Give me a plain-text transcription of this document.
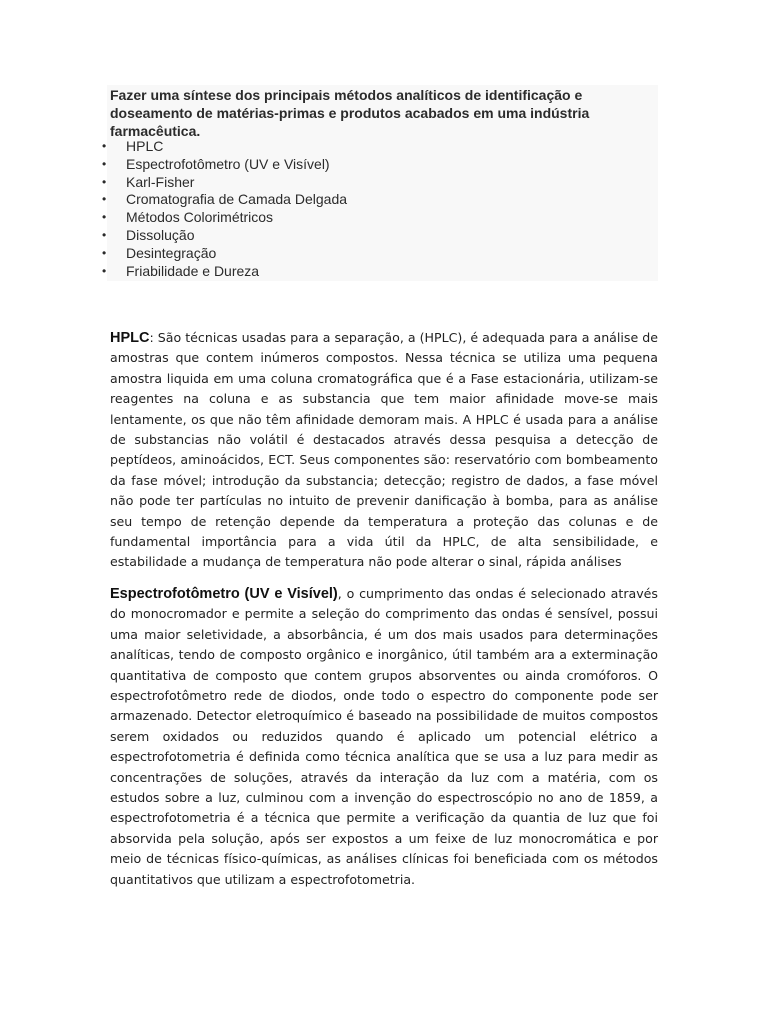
Fazer uma síntese dos principais métodos analíticos de identificação e doseamento de matérias-primas e produtos acabados em uma indústria farmacêutica.

• HPLC
• Espectrofotômetro (UV e Visível)
• Karl-Fisher
• Cromatografia de Camada Delgada
• Métodos Colorimétricos
• Dissolução
• Desintegração
• Friabilidade e Dureza

HPLC: São técnicas usadas para a separação, a (HPLC), é adequada para a análise de amostras que contem inúmeros compostos. Nessa técnica se utiliza uma pequena amostra liquida em uma coluna cromatográfica que é a Fase estacionária, utilizam-se reagentes na coluna e as substancia que tem maior afinidade move-se mais lentamente, os que não têm afinidade demoram mais. A HPLC é usada para a análise de substancias não volátil é destacados através dessa pesquisa a detecção de peptídeos, aminoácidos, ECT. Seus componentes são: reservatório com bombeamento da fase móvel; introdução da substancia; detecção; registro de dados, a fase móvel não pode ter partículas no intuito de prevenir danificação à bomba, para as análise seu tempo de retenção depende da temperatura a proteção das colunas e de fundamental importância para a vida útil da HPLC, de alta sensibilidade, e estabilidade a mudança de temperatura não pode alterar o sinal, rápida análises

Espectrofotômetro (UV e Visível), o cumprimento das ondas é selecionado através do monocromador e permite a seleção do comprimento das ondas é sensível, possui uma maior seletividade, a absorbância, é um dos mais usados para determinações analíticas, tendo de composto orgânico e inorgânico, útil também ara a exterminação quantitativa de composto que contem grupos absorventes ou ainda cromóforos. O espectrofotômetro rede de diodos, onde todo o espectro do componente pode ser armazenado. Detector eletroquímico é baseado na possibilidade de muitos compostos serem oxidados ou reduzidos quando é aplicado um potencial elétrico a espectrofotometria é definida como técnica analítica que se usa a luz para medir as concentrações de soluções, através da interação da luz com a matéria, com os estudos sobre a luz, culminou com a invenção do espectroscópio no ano de 1859, a espectrofotometria é a técnica que permite a verificação da quantia de luz que foi absorvida pela solução, após ser expostos a um feixe de luz monocromática e por meio de técnicas físico-químicas, as análises clínicas foi beneficiada com os métodos quantitativos que utilizam a espectrofotometria.
